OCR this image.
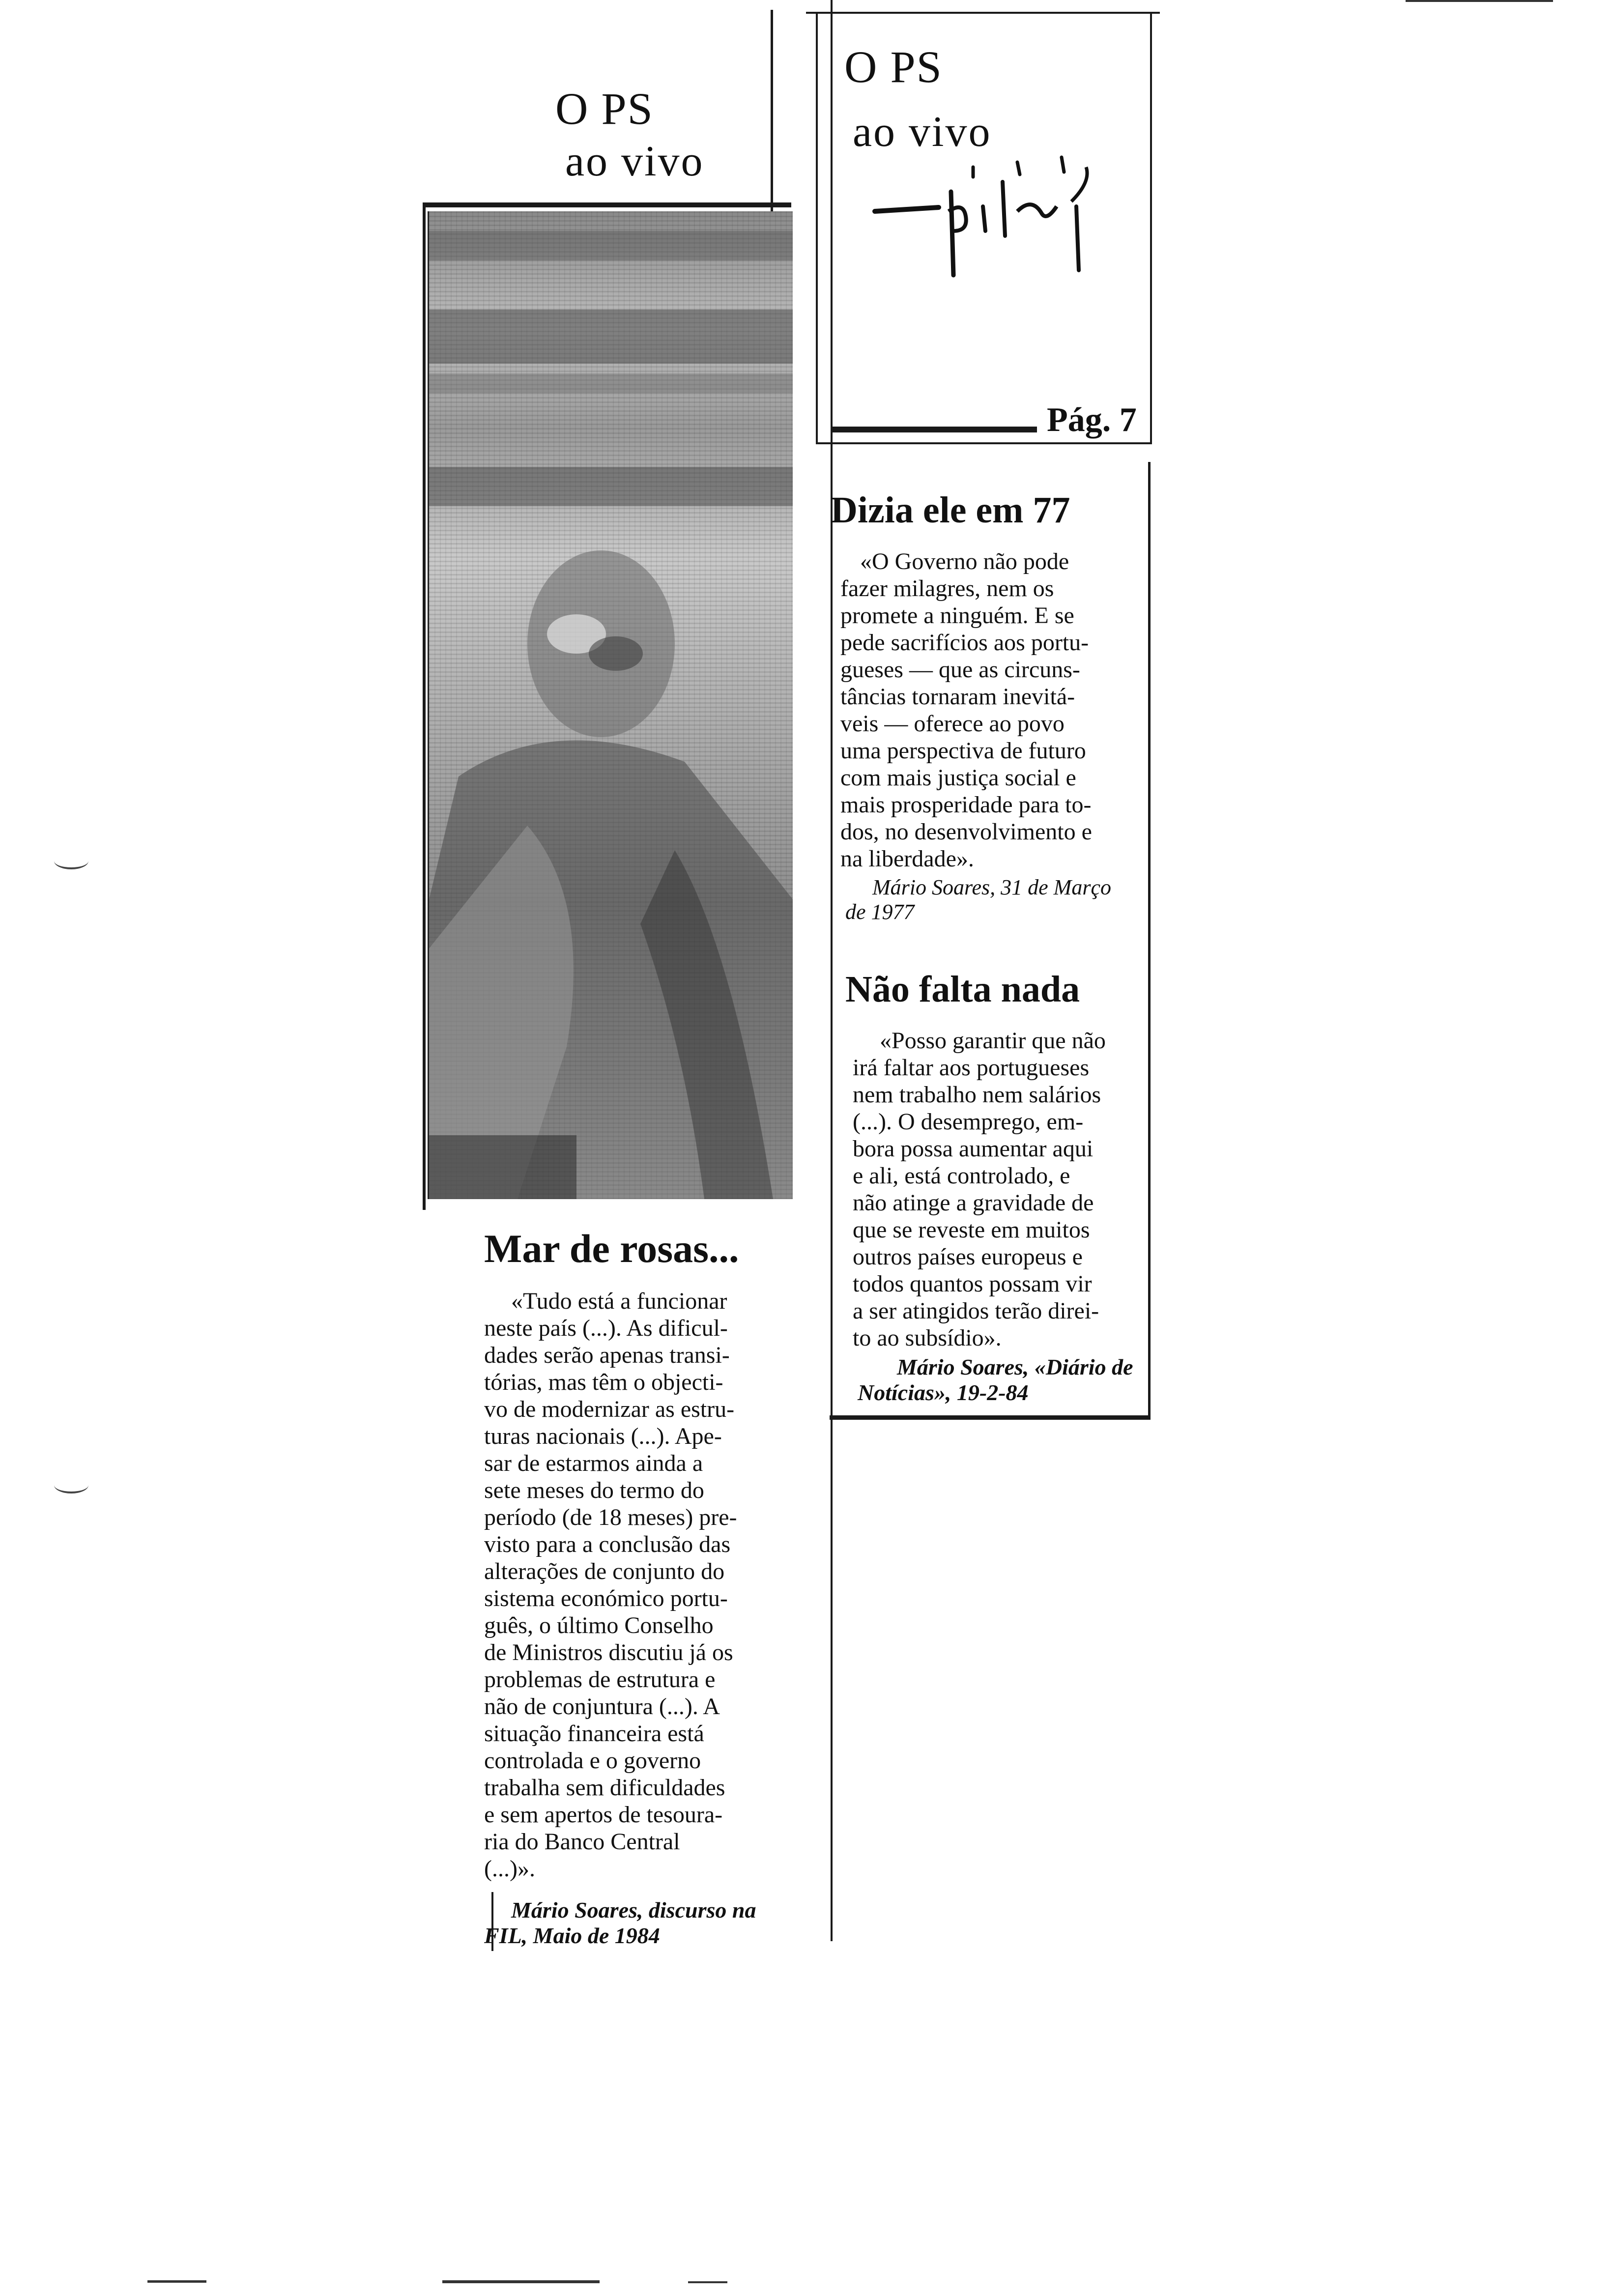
O PS
ao vivo
Mar de rosas...
«Tudo está a funcionar
neste país (...). As dificul-
dades serão apenas transi-
tórias, mas têm o objecti-
vo de modernizar as estru-
turas nacionais (...). Ape-
sar de estarmos ainda a
sete meses do termo do
período (de 18 meses) pre-
visto para a conclusão das
alterações de conjunto do
sistema económico portu-
guês, o último Conselho
de Ministros discutiu já os
problemas de estrutura e
não de conjuntura (...). A
situação financeira está
controlada e o governo
trabalha sem dificuldades
e sem apertos de tesoura-
ria do Banco Central
(...)».
Mário Soares, discurso na
FIL, Maio de 1984
O PS
ao vivo
Pág. 7
Dizia ele em 77
«O Governo não pode
fazer milagres, nem os
promete a ninguém. E se
pede sacrifícios aos portu-
gueses — que as circuns-
tâncias tornaram inevitá-
veis — oferece ao povo
uma perspectiva de futuro
com mais justiça social e
mais prosperidade para to-
dos, no desenvolvimento e
na liberdade».
Mário Soares, 31 de Março
de 1977
Não falta nada
«Posso garantir que não
irá faltar aos portugueses
nem trabalho nem salários
(...). O desemprego, em-
bora possa aumentar aqui
e ali, está controlado, e
não atinge a gravidade de
que se reveste em muitos
outros países europeus e
todos quantos possam vir
a ser atingidos terão direi-
to ao subsídio».
Mário Soares, «Diário de
Notícias», 19-2-84
